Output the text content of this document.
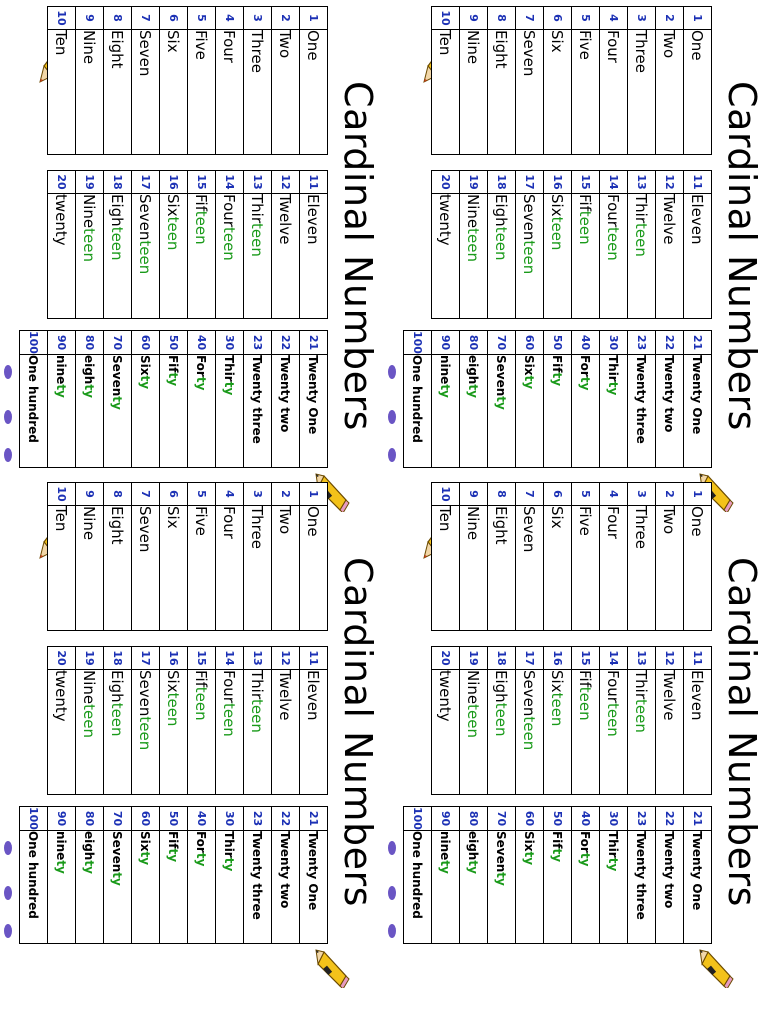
Cardinal Numbers
1	One
2	Two
3	Three
4	Four
5	Five
6	Six
7	Seven
8	Eight
9	Nine
10	Ten
11	Eleven
12	Twelve
13	Thirteen
14	Fourteen
15	Fifteen
16	Sixteen
17	Seventeen
18	Eighteen
19	Nineteen
20	twenty
21	Twenty One
22	Twenty two
23	Twenty three
30	Thirty
40	Forty
50	Fifty
60	Sixty
70	Seventy
80	eighty
90	ninety
100	One hundred
Cardinal Numbers
1	One
2	Two
3	Three
4	Four
5	Five
6	Six
7	Seven
8	Eight
9	Nine
10	Ten
11	Eleven
12	Twelve
13	Thirteen
14	Fourteen
15	Fifteen
16	Sixteen
17	Seventeen
18	Eighteen
19	Nineteen
20	twenty
21	Twenty One
22	Twenty two
23	Twenty three
30	Thirty
40	Forty
50	Fifty
60	Sixty
70	Seventy
80	eighty
90	ninety
100	One hundred
Cardinal Numbers
1	One
2	Two
3	Three
4	Four
5	Five
6	Six
7	Seven
8	Eight
9	Nine
10	Ten
11	Eleven
12	Twelve
13	Thirteen
14	Fourteen
15	Fifteen
16	Sixteen
17	Seventeen
18	Eighteen
19	Nineteen
20	twenty
21	Twenty One
22	Twenty two
23	Twenty three
30	Thirty
40	Forty
50	Fifty
60	Sixty
70	Seventy
80	eighty
90	ninety
100	One hundred
Cardinal Numbers
1	One
2	Two
3	Three
4	Four
5	Five
6	Six
7	Seven
8	Eight
9	Nine
10	Ten
11	Eleven
12	Twelve
13	Thirteen
14	Fourteen
15	Fifteen
16	Sixteen
17	Seventeen
18	Eighteen
19	Nineteen
20	twenty
21	Twenty One
22	Twenty two
23	Twenty three
30	Thirty
40	Forty
50	Fifty
60	Sixty
70	Seventy
80	eighty
90	ninety
100	One hundred
